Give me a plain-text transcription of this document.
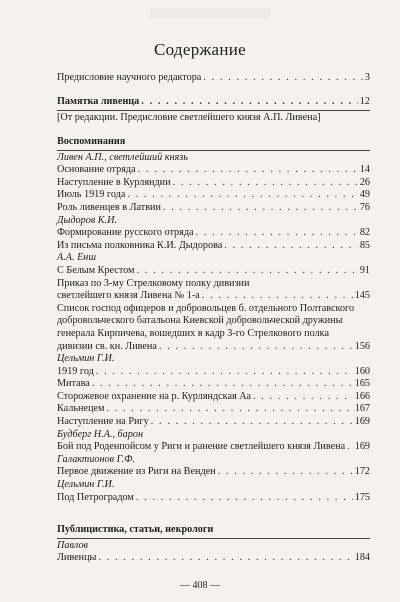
Содержание
Предисловие научного редактора . . .	3
Памятка ливенца . . .	12
[От редакции. Предисловие светлейшего князя А.П. Ливена]
Воспоминания
Ливен А.П., светлейший князь
Основание отряда . . .	14
Наступление в Курляндии . . .	26
Июль 1919 года . . .	49
Роль ливенцев в Латвии . . .	76
Дыдоров К.И.
Формирование русского отряда . . .	82
Из письма полковника К.И. Дыдорова . . .	85
А.А. Енш
С Белым Крестом . . .	91
Приказ по 3-му Стрелковому полку дивизии
светлейшего князя Ливена № 1-а . . .	145
Список господ офицеров и добровольцев б. отдельного Полтавского
добровольческого батальона Киевской добровольческой дружины
генерала Кирпичева, вошедших в кадр 3-го Стрелкового полка
дивизии св. кн. Ливена . . .	156
Цельмин Г.И.
1919 год . . .	160
Митава . . .	165
Сторожевое охранение на р. Курляндская Аа . . .	166
Кальнецем . . .	167
Наступление на Ригу . . .	169
Будберг Н.А., барон
Бой под Роденпойсом у Риги и ранение светлейшего князя Ливена . . . 169
Галактионов Г.Ф.
Первое движение из Риги на Венден . . .	172
Цельмин Г.И.
Под Петроградом . . .	175
Публицистика, статьи, некрологи
Павлов
Ливенцы . . .	184
— 408 —
